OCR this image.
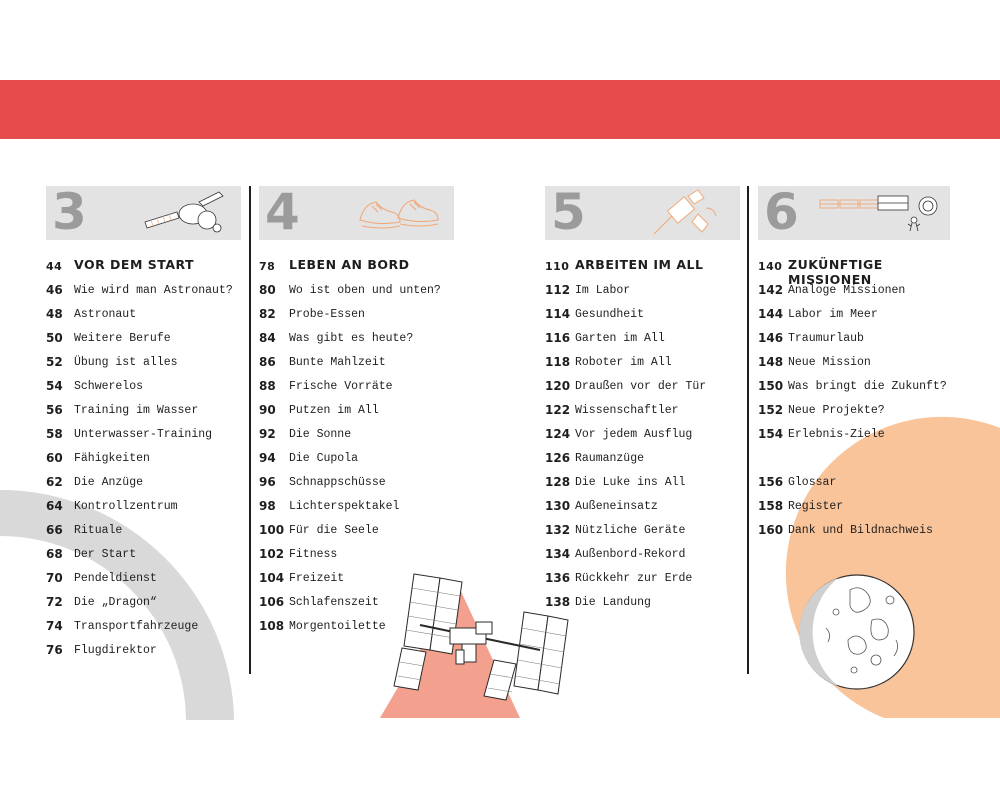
3
44 VOR DEM START
46 Wie wird man Astronaut?
48 Astronaut
50 Weitere Berufe
52 Übung ist alles
54 Schwerelos
56 Training im Wasser
58 Unterwasser-Training
60 Fähigkeiten
62 Die Anzüge
64 Kontrollzentrum
66 Rituale
68 Der Start
70 Pendeldienst
72 Die „Dragon“
74 Transportfahrzeuge
76 Flugdirektor
4
78 LEBEN AN BORD
80 Wo ist oben und unten?
82 Probe-Essen
84 Was gibt es heute?
86 Bunte Mahlzeit
88 Frische Vorräte
90 Putzen im All
92 Die Sonne
94 Die Cupola
96 Schnappschüsse
98 Lichterspektakel
100 Für die Seele
102 Fitness
104 Freizeit
106 Schlafenszeit
108 Morgentoilette
5
110 ARBEITEN IM ALL
112 Im Labor
114 Gesundheit
116 Garten im All
118 Roboter im All
120 Draußen vor der Tür
122 Wissenschaftler
124 Vor jedem Ausflug
126 Raumanzüge
128 Die Luke ins All
130 Außeneinsatz
132 Nützliche Geräte
134 Außenbord-Rekord
136 Rückkehr zur Erde
138 Die Landung
6
140 ZUKÜNFTIGE MISSIONEN
142 Analoge Missionen
144 Labor im Meer
146 Traumurlaub
148 Neue Mission
150 Was bringt die Zukunft?
152 Neue Projekte?
154 Erlebnis-Ziele
156 Glossar
158 Register
160 Dank und Bildnachweis
